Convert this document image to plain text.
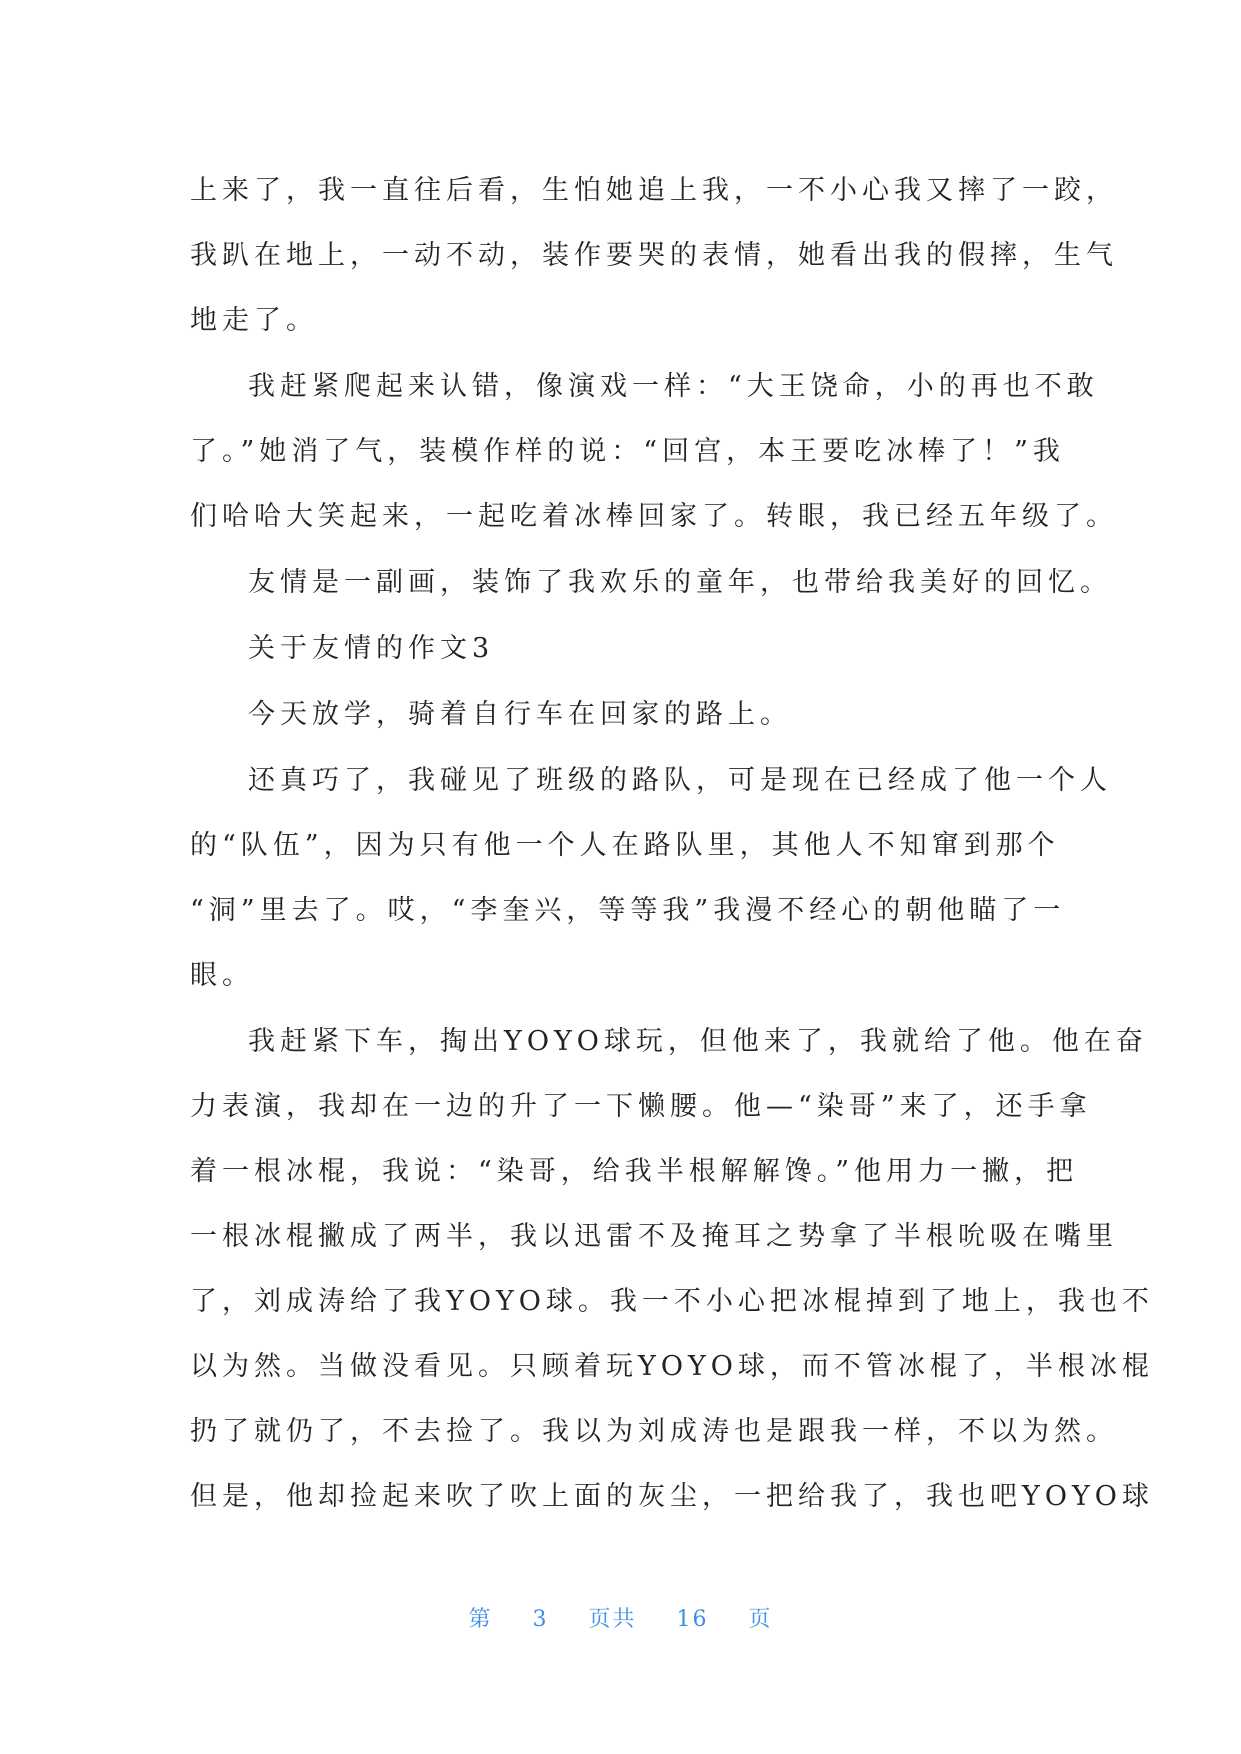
上来了，我一直往后看，生怕她追上我，一不小心我又摔了一跤，
我趴在地上，一动不动，装作要哭的表情，她看出我的假摔，生气
地走了。
我赶紧爬起来认错，像演戏一样：“大王饶命，小的再也不敢
了。”她消了气，装模作样的说：“回宫，本王要吃冰棒了！”我
们哈哈大笑起来，一起吃着冰棒回家了。转眼，我已经五年级了。
友情是一副画，装饰了我欢乐的童年，也带给我美好的回忆。
关于友情的作文3
今天放学，骑着自行车在回家的路上。
还真巧了，我碰见了班级的路队，可是现在已经成了他一个人
的“队伍”，因为只有他一个人在路队里，其他人不知窜到那个
“洞”里去了。哎，“李奎兴，等等我”我漫不经心的朝他瞄了一
眼。
我赶紧下车，掏出YOYO球玩，但他来了，我就给了他。他在奋
力表演，我却在一边的升了一下懒腰。他—“染哥”来了，还手拿
着一根冰棍，我说：“染哥，给我半根解解馋。”他用力一撇，把
一根冰棍撇成了两半，我以迅雷不及掩耳之势拿了半根吮吸在嘴里
了，刘成涛给了我YOYO球。我一不小心把冰棍掉到了地上，我也不
以为然。当做没看见。只顾着玩YOYO球，而不管冰棍了，半根冰棍
扔了就仍了，不去捡了。我以为刘成涛也是跟我一样，不以为然。
但是，他却捡起来吹了吹上面的灰尘，一把给我了，我也吧YOYO球
第 3 页共 16 页
